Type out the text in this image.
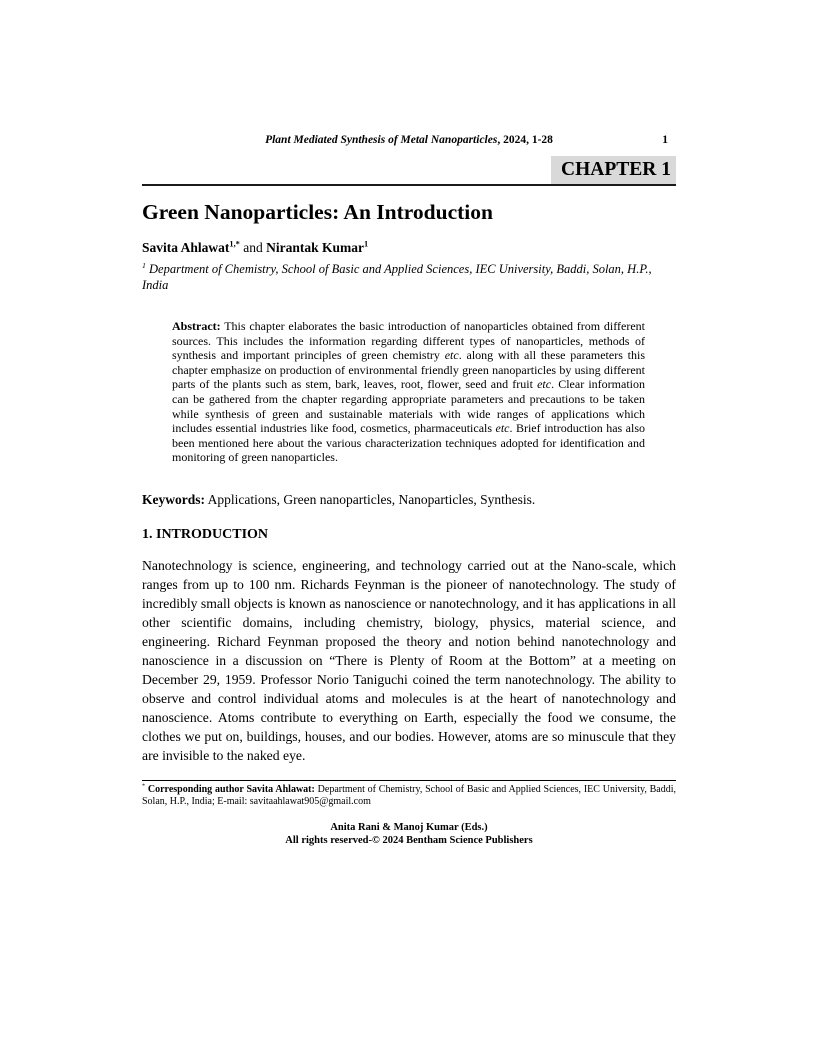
Plant Mediated Synthesis of Metal Nanoparticles, 2024, 1-28	1
CHAPTER 1
Green Nanoparticles: An Introduction
Savita Ahlawat$^{1,*}$ and Nirantak Kumar$^1$
$^1$ Department of Chemistry, School of Basic and Applied Sciences, IEC University, Baddi, Solan, H.P., India

Abstract: This chapter elaborates the basic introduction of nanoparticles obtained from different sources. This includes the information regarding different types of nanoparticles, methods of synthesis and important principles of green chemistry etc. along with all these parameters this chapter emphasize on production of environmental friendly green nanoparticles by using different parts of the plants such as stem, bark, leaves, root, flower, seed and fruit etc. Clear information can be gathered from the chapter regarding appropriate parameters and precautions to be taken while synthesis of green and sustainable materials with wide ranges of applications which includes essential industries like food, cosmetics, pharmaceuticals etc. Brief introduction has also been mentioned here about the various characterization techniques adopted for identification and monitoring of green nanoparticles.

Keywords: Applications, Green nanoparticles, Nanoparticles, Synthesis.
1. INTRODUCTION

Nanotechnology is science, engineering, and technology carried out at the Nano-scale, which ranges from up to 100 nm. Richards Feynman is the pioneer of nanotechnology. The study of incredibly small objects is known as nanoscience or nanotechnology, and it has applications in all other scientific domains, including chemistry, biology, physics, material science, and engineering. Richard Feynman proposed the theory and notion behind nanotechnology and nanoscience in a discussion on “There is Plenty of Room at the Bottom” at a meeting on December 29, 1959. Professor Norio Taniguchi coined the term nanotechnology. The ability to observe and control individual atoms and molecules is at the heart of nanotechnology and nanoscience. Atoms contribute to everything on Earth, especially the food we consume, the clothes we put on, buildings, houses, and our bodies. However, atoms are so minuscule that they are invisible to the naked eye.

* Corresponding author Savita Ahlawat: Department of Chemistry, School of Basic and Applied Sciences, IEC University, Baddi, Solan, H.P., India; E-mail: savitaahlawat905@gmail.com
Anita Rani & Manoj Kumar (Eds.)
All rights reserved-© 2024 Bentham Science Publishers
